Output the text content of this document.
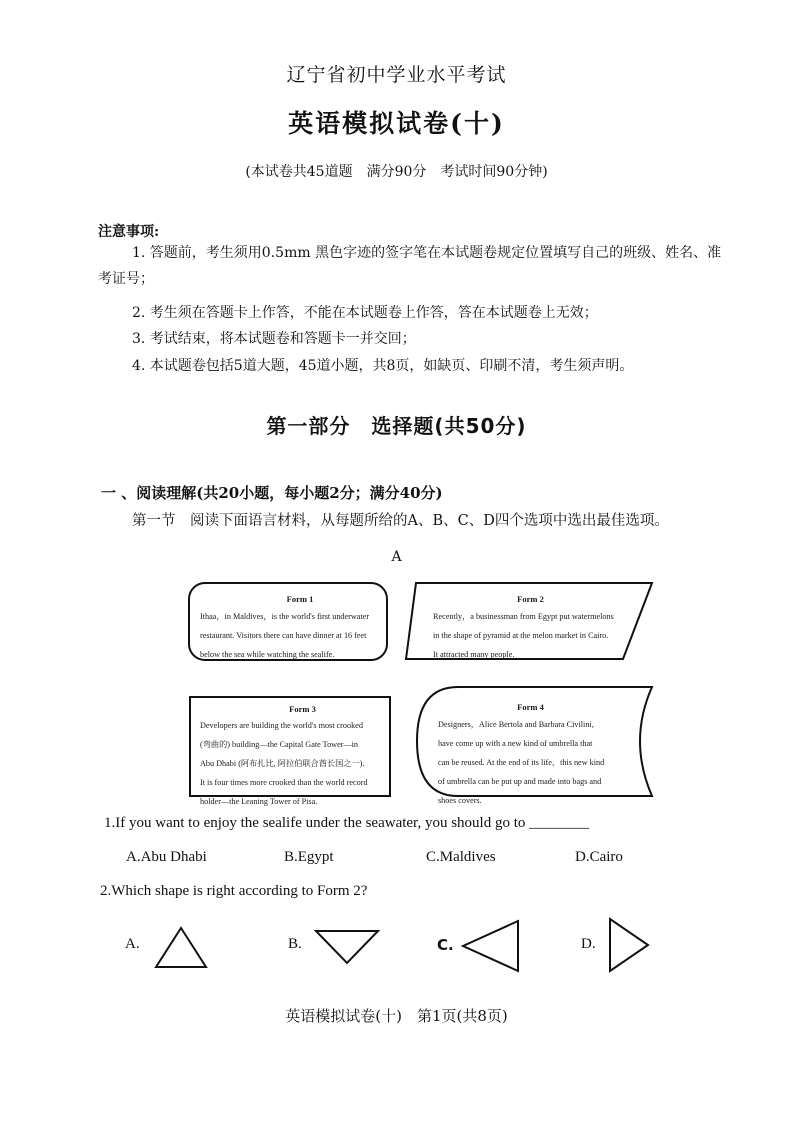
辽宁省初中学业水平考试
英语模拟试卷(十)
(本试卷共45道题　满分90分　考试时间90分钟)
注意事项:
1. 答题前，考生须用0.5mm 黑色字迹的签字笔在本试题卷规定位置填写自己的班级、姓名、准考证号；
2. 考生须在答题卡上作答，不能在本试题卷上作答，答在本试题卷上无效；
3. 考试结束，将本试题卷和答题卡一并交回；
4. 本试题卷包括5道大题，45道小题，共8页，如缺页、印刷不清，考生须声明。
第一部分　选择题(共50分)
一 、阅读理解(共20小题，每小题2分；满分40分)
第一节　阅读下面语言材料，从每题所给的A、B、C、D四个选项中选出最佳选项。
A
Form 1
Ithaa，in Maldives，is the world's first underwater
restaurant. Visitors there can have dinner at 16 feet
below the sea while watching the sealife.
Form 2
Recently，a businessman from Egypt put watermelons
in the shape of pyramid at the melon market in Cairo.
It attracted many people.
Form 3
Developers are building the world's most crooked
(弯曲的) building—the Capital Gate Tower—in
Abu Dhabi (阿布扎比, 阿拉伯联合酋长国之一).
It is four times more crooked than the world record
holder—the Leaning Tower of Pisa.
Form 4
Designers，Alice Bertola and Barbara Civilini,
have come up with a new kind of umbrella that
can be reused. At the end of its life，this new kind
of umbrella can be put up and made into bags and
shoes covers.
1.If you want to enjoy the sealife under the seawater, you should go to ________
A.Abu Dhabi	B.Egypt	C.Maldives	D.Cairo
2.Which shape is right according to Form 2?
A.	B.	C.	D.
英语模拟试卷(十)　第1页(共8页)
